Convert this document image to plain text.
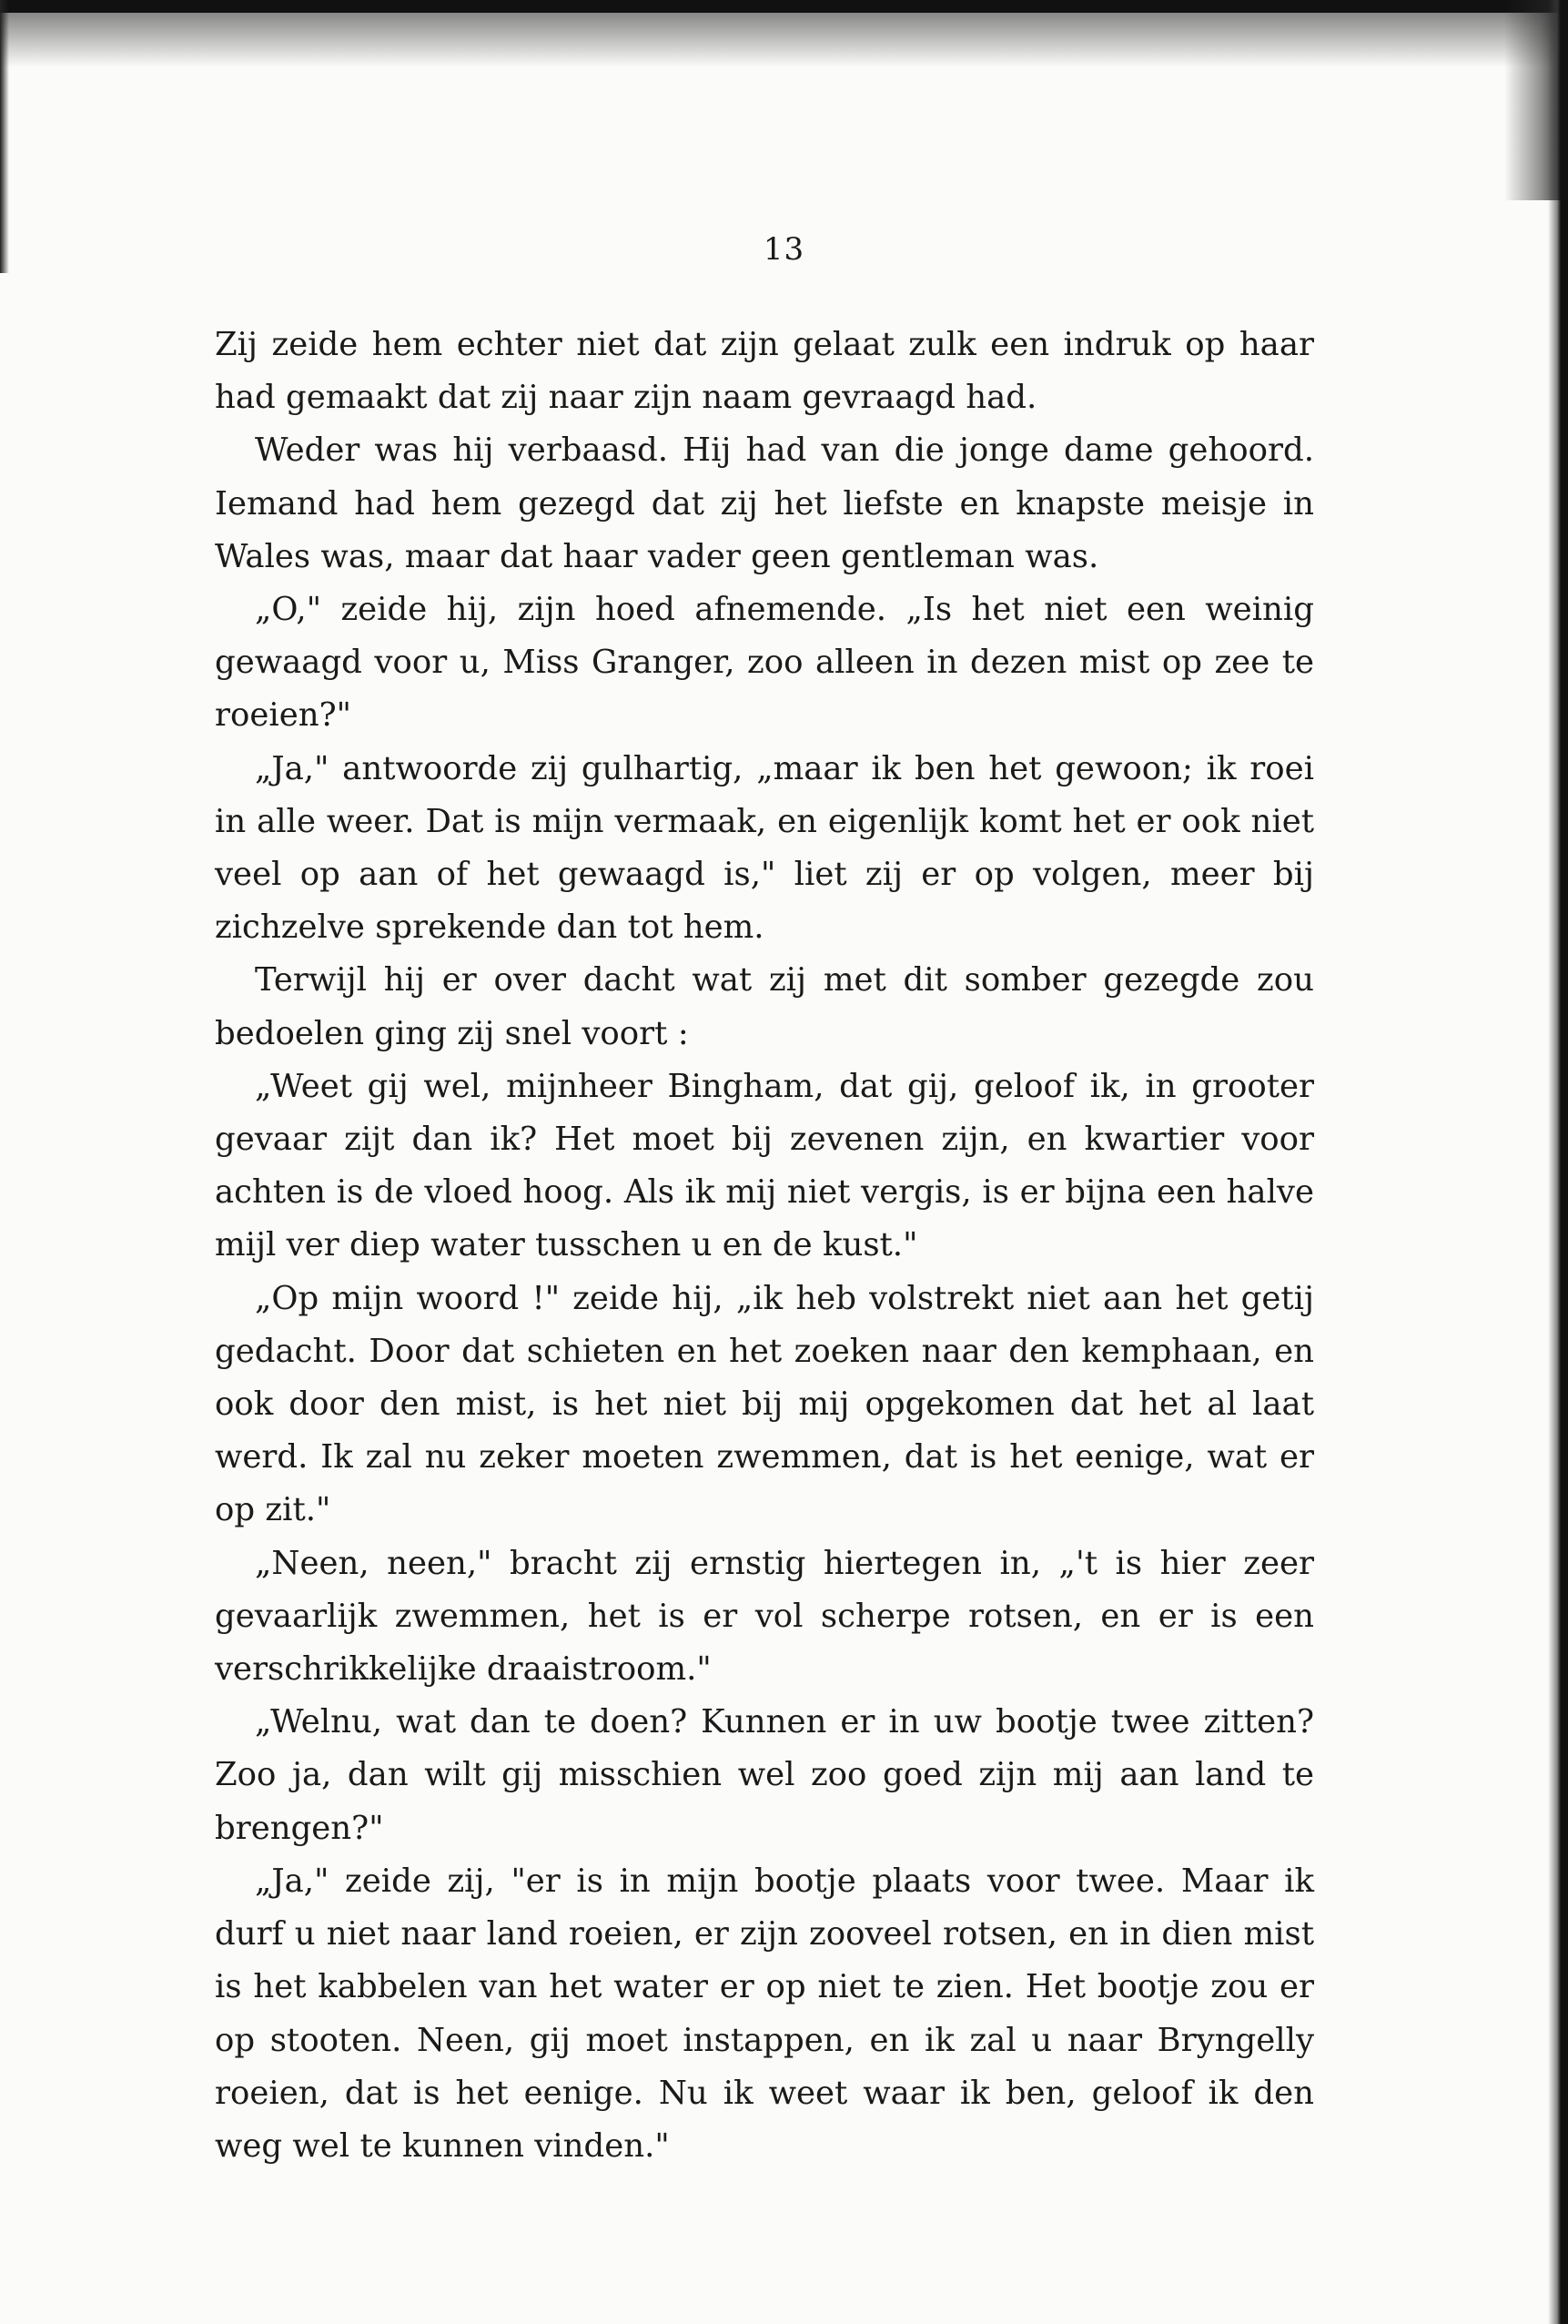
13

Zij zeide hem echter niet dat zijn gelaat zulk een indruk op haar had gemaakt dat zij naar zijn naam gevraagd had.

Weder was hij verbaasd. Hij had van die jonge dame gehoord. Iemand had hem gezegd dat zij het liefste en knapste meisje in Wales was, maar dat haar vader geen gentleman was.

„O," zeide hij, zijn hoed afnemende. „Is het niet een weinig gewaagd voor u, Miss Granger, zoo alleen in dezen mist op zee te roeien?"

„Ja," antwoorde zij gulhartig, „maar ik ben het gewoon; ik roei in alle weer. Dat is mijn vermaak, en eigenlijk komt het er ook niet veel op aan of het gewaagd is," liet zij er op volgen, meer bij zichzelve sprekende dan tot hem.

Terwijl hij er over dacht wat zij met dit somber gezegde zou bedoelen ging zij snel voort :

„Weet gij wel, mijnheer Bingham, dat gij, geloof ik, in grooter gevaar zijt dan ik? Het moet bij zevenen zijn, en kwartier voor achten is de vloed hoog. Als ik mij niet vergis, is er bijna een halve mijl ver diep water tusschen u en de kust."

„Op mijn woord !" zeide hij, „ik heb volstrekt niet aan het getij gedacht. Door dat schieten en het zoeken naar den kemphaan, en ook door den mist, is het niet bij mij opgekomen dat het al laat werd. Ik zal nu zeker moeten zwemmen, dat is het eenige, wat er op zit."

„Neen, neen," bracht zij ernstig hiertegen in, „'t is hier zeer gevaarlijk zwemmen, het is er vol scherpe rotsen, en er is een verschrikkelijke draaistroom."

„Welnu, wat dan te doen? Kunnen er in uw bootje twee zitten? Zoo ja, dan wilt gij misschien wel zoo goed zijn mij aan land te brengen?"

„Ja," zeide zij, "er is in mijn bootje plaats voor twee. Maar ik durf u niet naar land roeien, er zijn zooveel rotsen, en in dien mist is het kabbelen van het water er op niet te zien. Het bootje zou er op stooten. Neen, gij moet instappen, en ik zal u naar Bryngelly roeien, dat is het eenige. Nu ik weet waar ik ben, geloof ik den weg wel te kunnen vinden."
